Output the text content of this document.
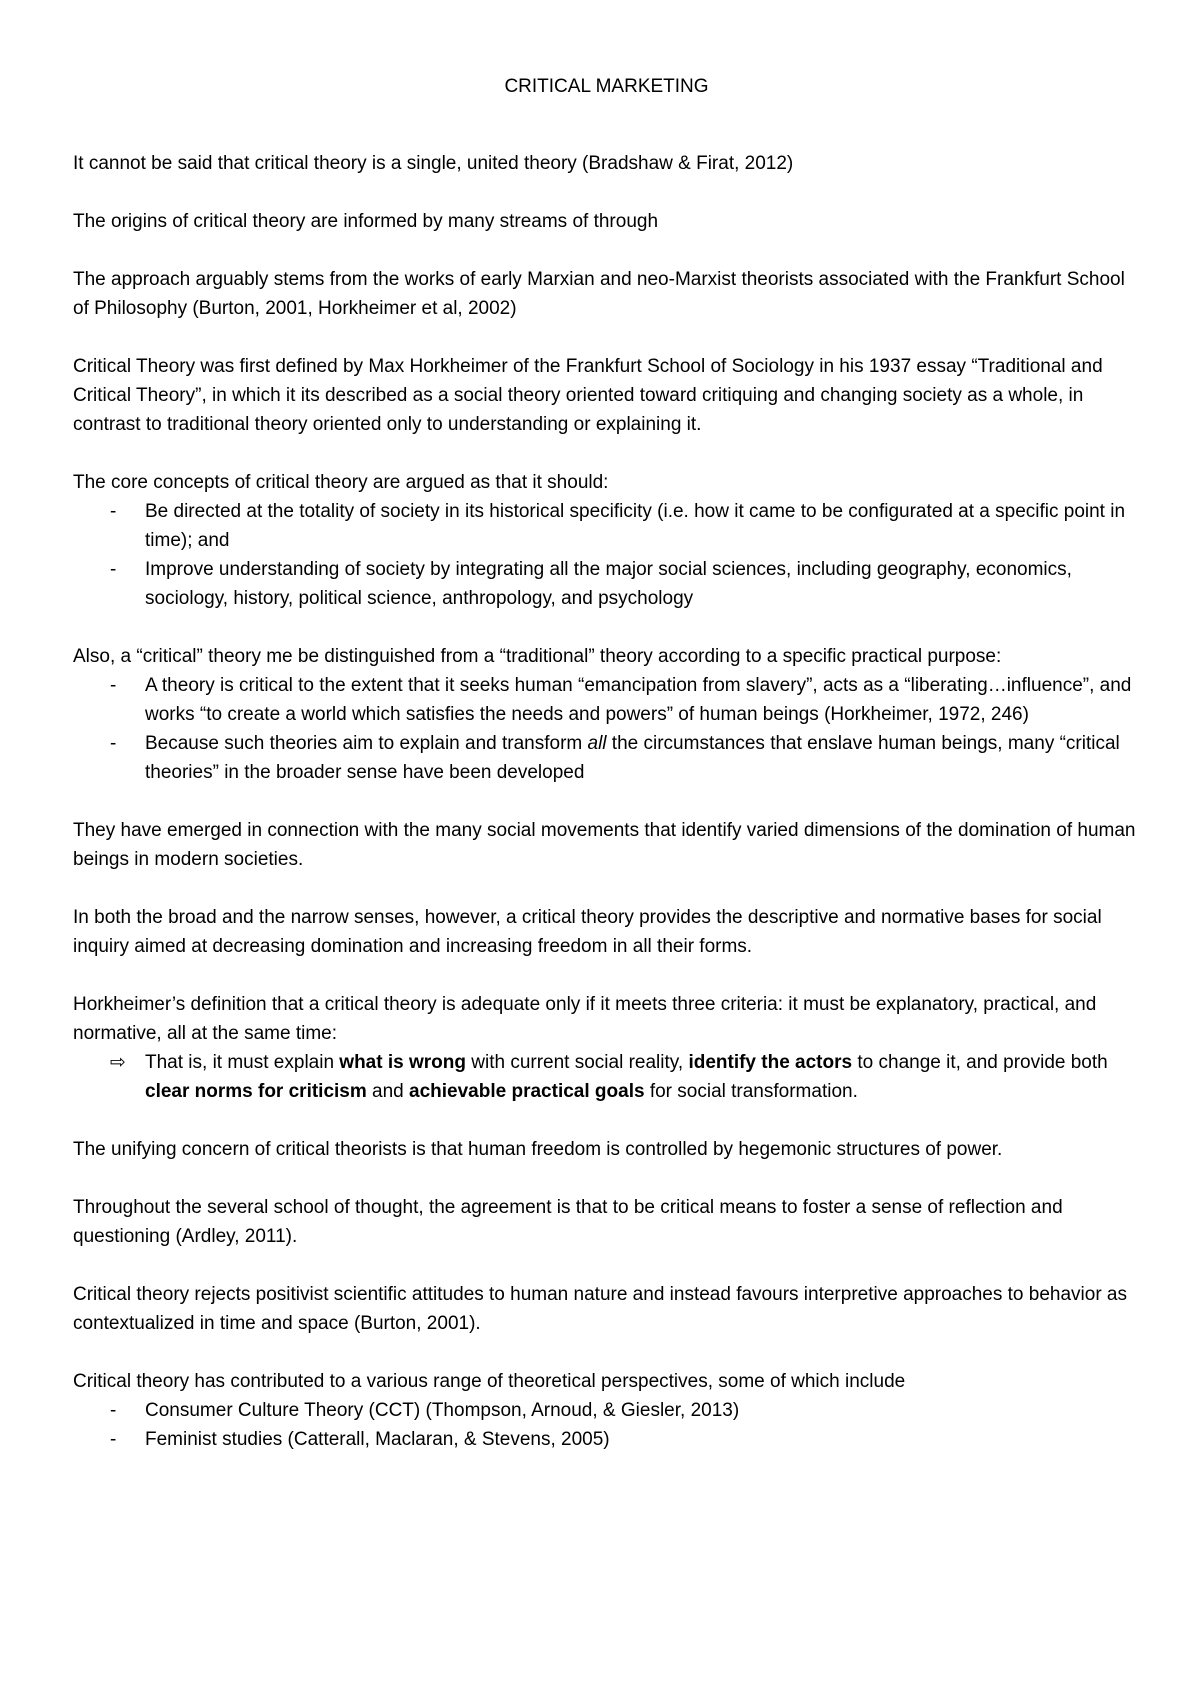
CRITICAL MARKETING

It cannot be said that critical theory is a single, united theory (Bradshaw & Firat, 2012)

The origins of critical theory are informed by many streams of through

The approach arguably stems from the works of early Marxian and neo-Marxist theorists associated with the Frankfurt School of Philosophy (Burton, 2001, Horkheimer et al, 2002)

Critical Theory was first defined by Max Horkheimer of the Frankfurt School of Sociology in his 1937 essay “Traditional and Critical Theory”, in which it its described as a social theory oriented toward critiquing and changing society as a whole, in contrast to traditional theory oriented only to understanding or explaining it.

The core concepts of critical theory are argued as that it should:

-	Be directed at the totality of society in its historical specificity (i.e. how it came to be configurated at a specific point in time); and
-	Improve understanding of society by integrating all the major social sciences, including geography, economics, sociology, history, political science, anthropology, and psychology

Also, a “critical” theory me be distinguished from a “traditional” theory according to a specific practical purpose:

-	A theory is critical to the extent that it seeks human “emancipation from slavery”, acts as a “liberating…influence”, and works “to create a world which satisfies the needs and powers” of human beings (Horkheimer, 1972, 246)
-	Because such theories aim to explain and transform all the circumstances that enslave human beings, many “critical theories” in the broader sense have been developed

They have emerged in connection with the many social movements that identify varied dimensions of the domination of human beings in modern societies.

In both the broad and the narrow senses, however, a critical theory provides the descriptive and normative bases for social inquiry aimed at decreasing domination and increasing freedom in all their forms.

Horkheimer’s definition that a critical theory is adequate only if it meets three criteria: it must be explanatory, practical, and normative, all at the same time:

⇨ That is, it must explain what is wrong with current social reality, identify the actors to change it, and provide both clear norms for criticism and achievable practical goals for social transformation.

The unifying concern of critical theorists is that human freedom is controlled by hegemonic structures of power.

Throughout the several school of thought, the agreement is that to be critical means to foster a sense of reflection and questioning (Ardley, 2011).

Critical theory rejects positivist scientific attitudes to human nature and instead favours interpretive approaches to behavior as contextualized in time and space (Burton, 2001).

Critical theory has contributed to a various range of theoretical perspectives, some of which include

-	Consumer Culture Theory (CCT) (Thompson, Arnoud, & Giesler, 2013)
-	Feminist studies (Catterall, Maclaran, & Stevens, 2005)
